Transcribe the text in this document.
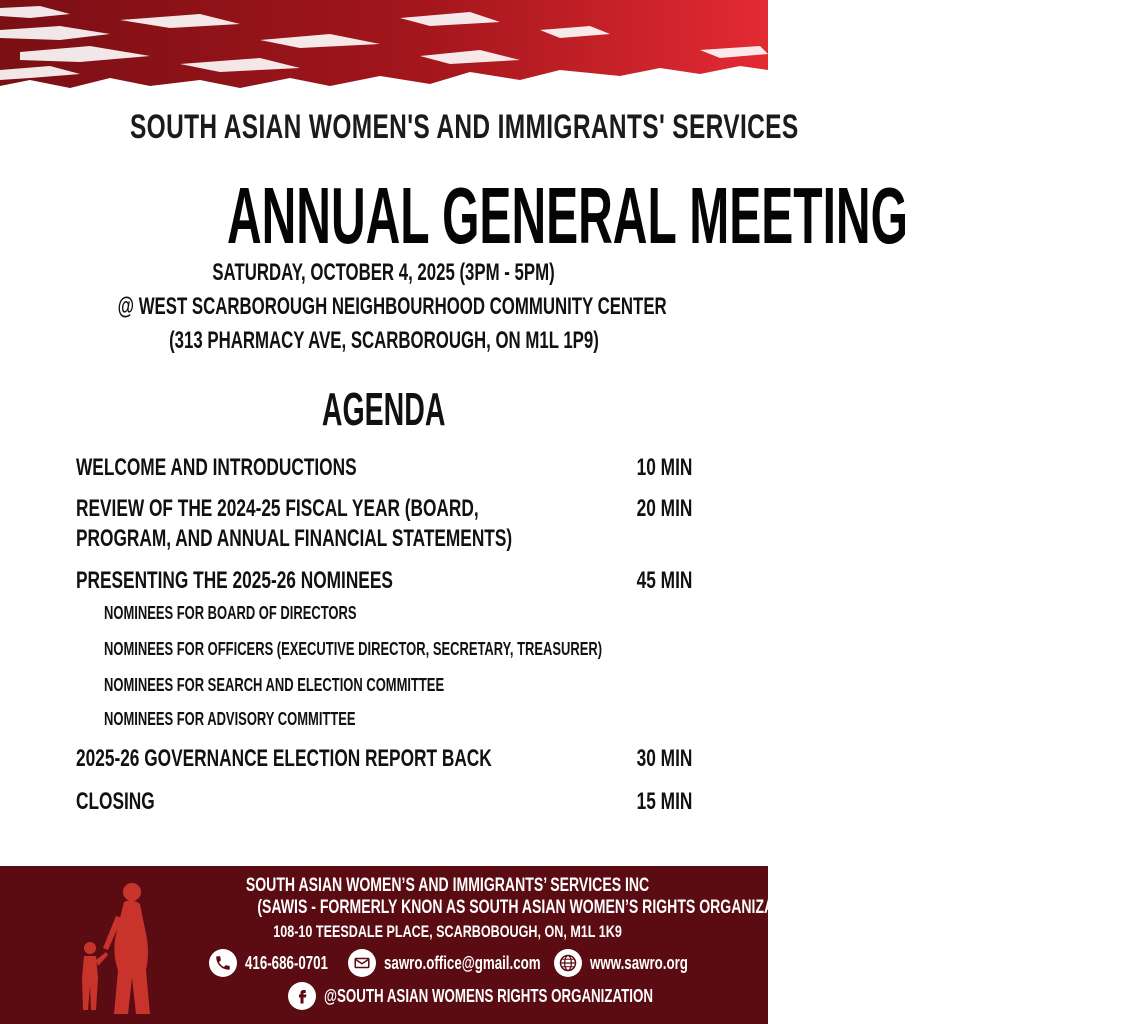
SOUTH ASIAN WOMEN'S AND IMMIGRANTS' SERVICES
ANNUAL GENERAL MEETING
SATURDAY, OCTOBER 4, 2025 (3PM - 5PM)
@ WEST SCARBOROUGH NEIGHBOURHOOD COMMUNITY CENTER
(313 PHARMACY AVE, SCARBOROUGH, ON M1L 1P9)
AGENDA
WELCOME AND INTRODUCTIONS	10 MIN
REVIEW OF THE 2024-25 FISCAL YEAR (BOARD,	20 MIN
PROGRAM, AND ANNUAL FINANCIAL STATEMENTS)
PRESENTING THE 2025-26 NOMINEES	45 MIN
NOMINEES FOR BOARD OF DIRECTORS
NOMINEES FOR OFFICERS (EXECUTIVE DIRECTOR, SECRETARY, TREASURER)
NOMINEES FOR SEARCH AND ELECTION COMMITTEE
NOMINEES FOR ADVISORY COMMITTEE
2025-26 GOVERNANCE ELECTION REPORT BACK	30 MIN
CLOSING	15 MIN
SOUTH ASIAN WOMEN’S AND IMMIGRANTS’ SERVICES INC
(SAWIS - FORMERLY KNON AS SOUTH ASIAN WOMEN’S RIGHTS ORGANIZATION)
108-10 TEESDALE PLACE, SCARBOBOUGH, ON, M1L 1K9
416-686-0701	sawro.office@gmail.com	www.sawro.org
@SOUTH ASIAN WOMENS RIGHTS ORGANIZATION
